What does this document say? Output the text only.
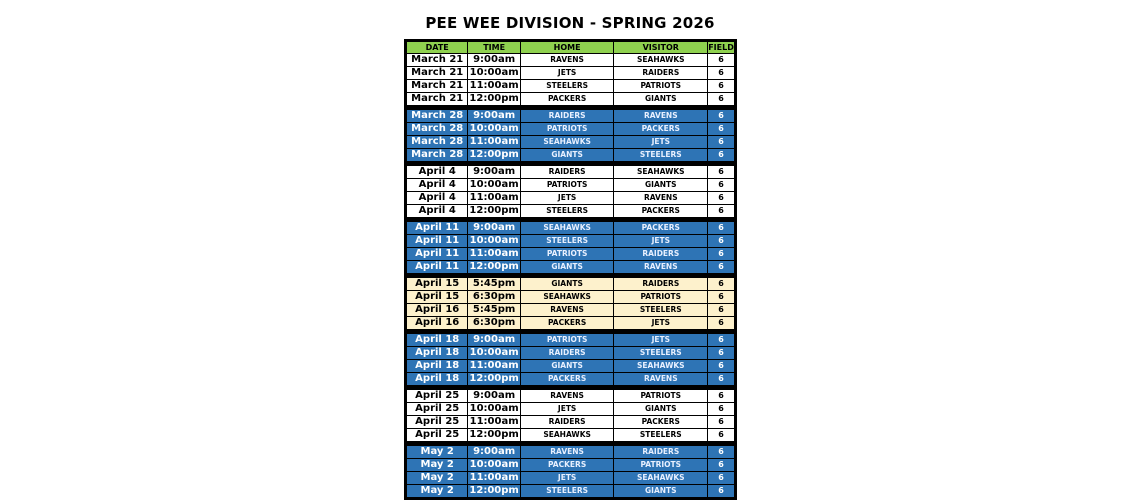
PEE WEE DIVISION - SPRING 2026
DATE	TIME	HOME	VISITOR	FIELD
March 21	9:00am	RAVENS	SEAHAWKS	6
March 21	10:00am	JETS	RAIDERS	6
March 21	11:00am	STEELERS	PATRIOTS	6
March 21	12:00pm	PACKERS	GIANTS	6

March 28	9:00am	RAIDERS	RAVENS	6
March 28	10:00am	PATRIOTS	PACKERS	6
March 28	11:00am	SEAHAWKS	JETS	6
March 28	12:00pm	GIANTS	STEELERS	6

April 4	9:00am	RAIDERS	SEAHAWKS	6
April 4	10:00am	PATRIOTS	GIANTS	6
April 4	11:00am	JETS	RAVENS	6
April 4	12:00pm	STEELERS	PACKERS	6

April 11	9:00am	SEAHAWKS	PACKERS	6
April 11	10:00am	STEELERS	JETS	6
April 11	11:00am	PATRIOTS	RAIDERS	6
April 11	12:00pm	GIANTS	RAVENS	6

April 15	5:45pm	GIANTS	RAIDERS	6
April 15	6:30pm	SEAHAWKS	PATRIOTS	6
April 16	5:45pm	RAVENS	STEELERS	6
April 16	6:30pm	PACKERS	JETS	6

April 18	9:00am	PATRIOTS	JETS	6
April 18	10:00am	RAIDERS	STEELERS	6
April 18	11:00am	GIANTS	SEAHAWKS	6
April 18	12:00pm	PACKERS	RAVENS	6

April 25	9:00am	RAVENS	PATRIOTS	6
April 25	10:00am	JETS	GIANTS	6
April 25	11:00am	RAIDERS	PACKERS	6
April 25	12:00pm	SEAHAWKS	STEELERS	6

May 2	9:00am	RAVENS	RAIDERS	6
May 2	10:00am	PACKERS	PATRIOTS	6
May 2	11:00am	JETS	SEAHAWKS	6
May 2	12:00pm	STEELERS	GIANTS	6
